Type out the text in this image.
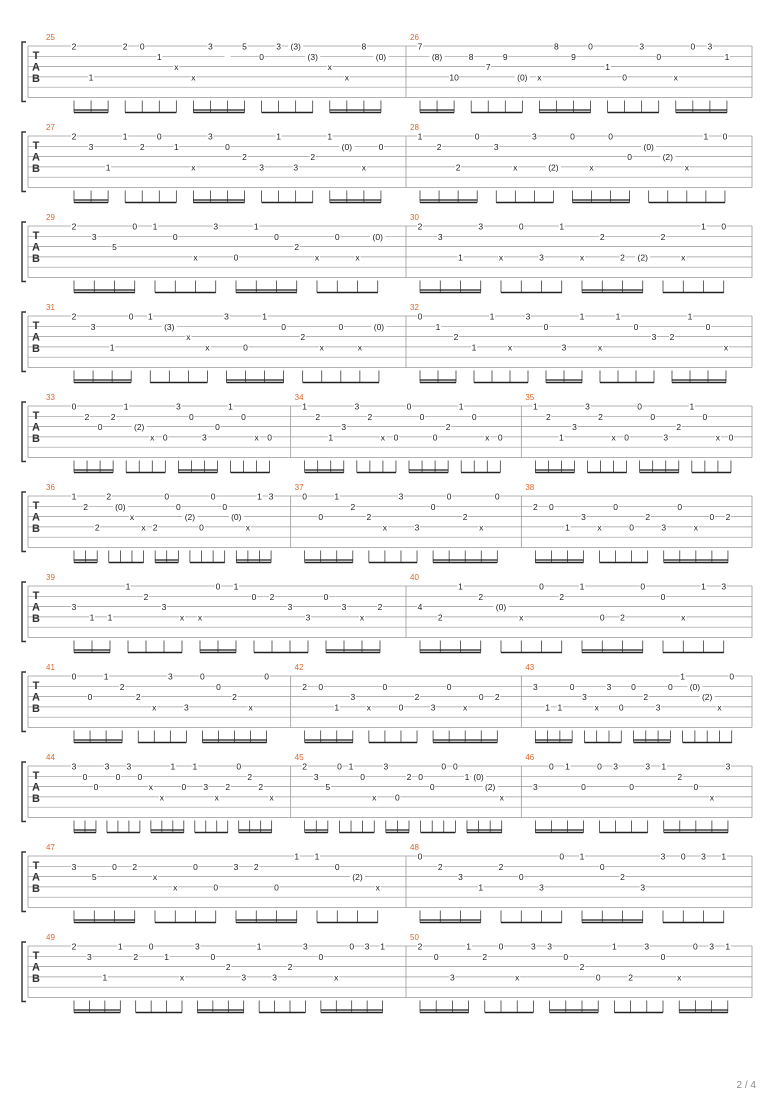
T
A
B
25
2
1
2 0
1
x
x
3	5
0
3 (3)
(3)
x
x
8
(0)
26
7
(8)
10
8
7
9
(0) x
8
9
0
1
0
3
0
x
0 3
1
T
A
B
27
2
3
1
1
2
0
1
x
3
0
2
3
1
3
2
1
(0)
x
0
28
1
2
2
0
3
x
3
(2)
0
x
0
0
(0)
(2)
x
1 0
T
A
B
29
2
3
5
0 1
0
x
3
0
1
0
2
x
0
x
(0)
30
2
3
1
3
x
0
3
1
x
2
2 (2)
2
x
1 0
T
A
B
31
2
3
1
0 1
(3)
x
x
3
0
1
0
2
x
0
x
(0)
32
0
1
2
1
1
x
3
0
3
1
x
1
0
3 2
1
0
x
T
A
B
33
0
2
0
2
1
(2)
x 0
3
0
3
0
1
0
x 0
34
1
2
1
3
3
2
x 0
0
0
0
2
1
0
x 0
35
1
2
1
3
3
2
x 0
0
0
3
2
1
0
x 0
T
A
B
36
1
2
2
2
(0)
x
x 2
0
0
(2)
0
0
0
(0)
x
1 3
37
0
0
1
2
2
x
3
3
0
0
2
x
0
38
2 0
1
3
x
0
0
2
3
0
x
0 2
T
A
B
39
3
1 1
1
2
3
x x
0 1
0 2
3
3
0
3
x
2
40
4
2
1
2
(0)
x
0
2
1
0 2
0
0
x
1 3
T
A
B
41
0
0
1
2
2
x
3
3
0
0
2
x
0
42
2 0
1
3
x
0
0
2
3
0
x
0 2
43
3
1 1
0
3
x
3
0
0
2
3
0
1
(0)
(2)
x
0
T
A
B
44
3
0
0
3
0
3
0
x
x
1
0
1
3
x
2
0
2
2
x
45
2
3
5
0 1
0
x
3
0
2 0
0
0 0
1 (0)
(2)
x
46
3
0 1
0
0 3
0
3 1
2
0
x
3
T
A
B
47
3
5
0 2
x
x
0
0
3 2
0
1 1
0
(2)
x
48
0
2
3
1
2
0
3
0 1
0
2
3
3 0 3 1
T
A
B
49
2
3
1
1
2
0
1
x
3
0
2
3
1
3
2
3
0
x
0 3 1
50
2
0
3
1
2
0
x
3 3
0
2
0
1
2
3
0
x
0 3 1
2 / 4
